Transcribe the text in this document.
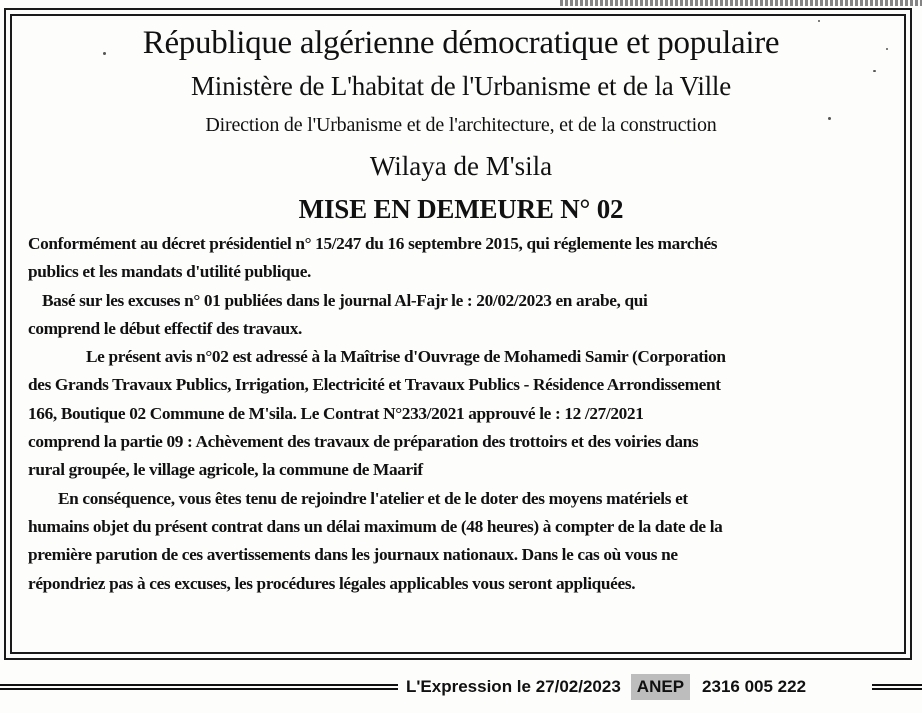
République algérienne démocratique et populaire
Ministère de L'habitat de l'Urbanisme et de la Ville
Direction de l'Urbanisme et de l'architecture, et de la construction
Wilaya de M'sila
MISE EN DEMEURE N° 02
Conformément au décret présidentiel n° 15/247 du 16 septembre 2015, qui réglemente les marchés
publics et les mandats d'utilité publique.
Basé sur les excuses n° 01 publiées dans le journal Al-Fajr le : 20/02/2023 en arabe, qui
comprend le début effectif des travaux.
Le présent avis n°02 est adressé à la Maîtrise d'Ouvrage de Mohamedi Samir (Corporation
des Grands Travaux Publics, Irrigation, Electricité et Travaux Publics - Résidence Arrondissement
166, Boutique 02 Commune de M'sila. Le Contrat N°233/2021 approuvé le : 12 /27/2021
comprend la partie 09 : Achèvement des travaux de préparation des trottoirs et des voiries dans
rural groupée, le village agricole, la commune de Maarif
En conséquence, vous êtes tenu de rejoindre l'atelier et de le doter des moyens matériels et
humains objet du présent contrat dans un délai maximum de (48 heures) à compter de la date de la
première parution de ces avertissements dans les journaux nationaux. Dans le cas où vous ne
répondriez pas à ces excuses, les procédures légales applicables vous seront appliquées.
L'Expression le 27/02/2023 ANEP 2316 005 222
